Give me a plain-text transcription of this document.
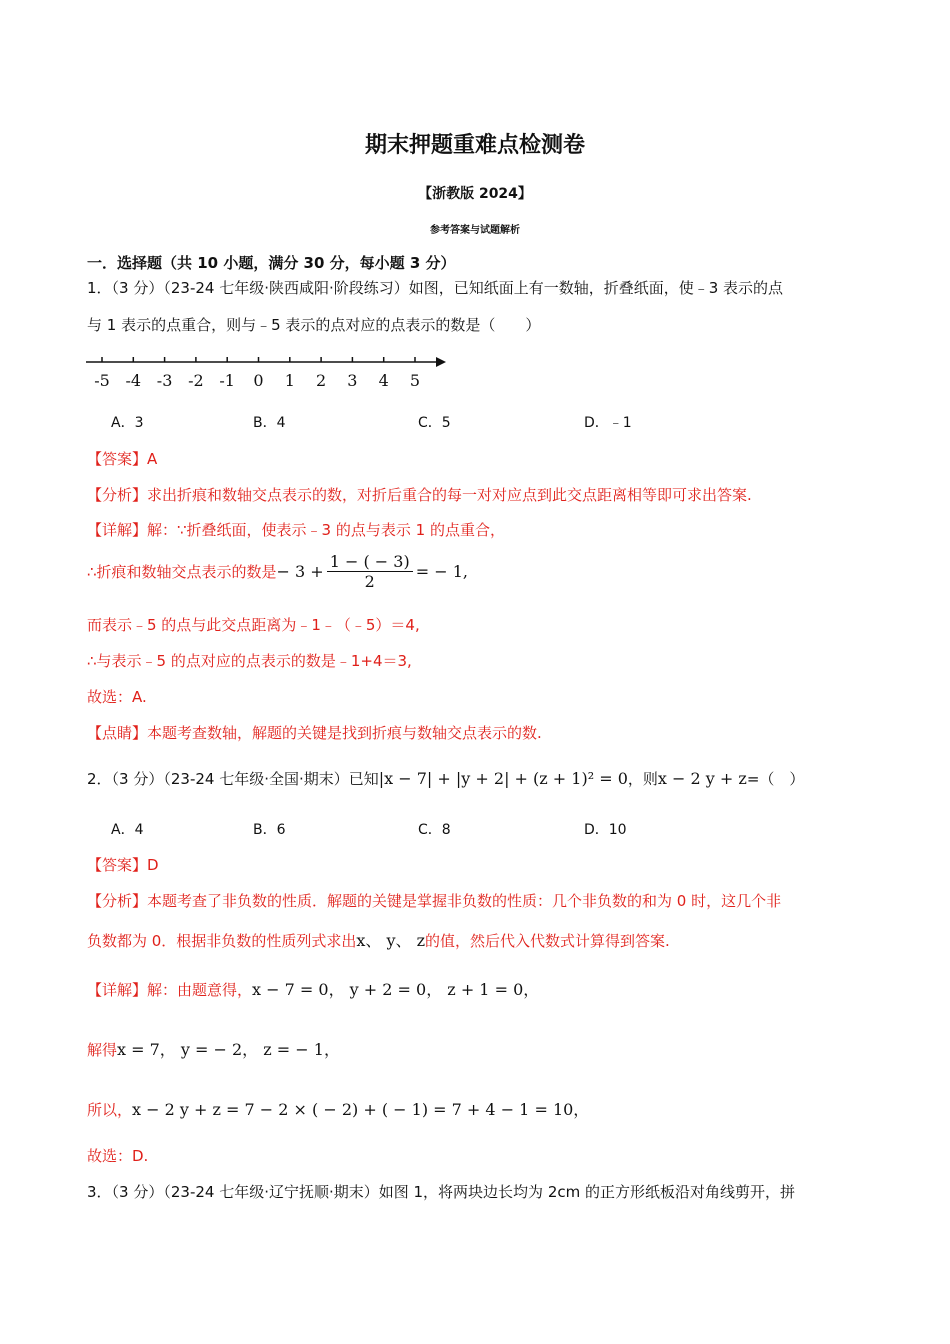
期末押题重难点检测卷
【浙教版 2024】
参考答案与试题解析
一．选择题（共 10 小题，满分 30 分，每小题 3 分）
1．（3 分）（23-24 七年级·陕西咸阳·阶段练习）如图，已知纸面上有一数轴，折叠纸面，使﹣3 表示的点
与 1 表示的点重合，则与﹣5 表示的点对应的点表示的数是（　　）
-5 -4 -3 -2 -1 0 1 2 3 4 5
A．3	B．4	C．5	D．﹣1
【答案】A
【分析】求出折痕和数轴交点表示的数，对折后重合的每一对对应点到此交点距离相等即可求出答案.
【详解】解：∵折叠纸面，使表示﹣3 的点与表示 1 的点重合，
∴折痕和数轴交点表示的数是− $3 + \frac{1 - ( - 3)}{2}$ = − 1,
而表示﹣5 的点与此交点距离为﹣1﹣（﹣5）＝4,
∴与表示﹣5 的点对应的点表示的数是﹣1+4＝3,
故选：A.
【点睛】本题考查数轴，解题的关键是找到折痕与数轴交点表示的数.
2．（3 分）（23-24 七年级·全国·期末）已知|x − 7| + |y + 2| + (z + 1)² = 0，则x − 2 y + z=（　）
A．4	B．6	C．8	D．10
【答案】D
【分析】本题考查了非负数的性质．解题的关键是掌握非负数的性质：几个非负数的和为 0 时，这几个非
负数都为 0．根据非负数的性质列式求出x、 y、 z的值，然后代入代数式计算得到答案.
【详解】解：由题意得，x − 7 = 0， y + 2 = 0， z + 1 = 0，
解得x = 7， y = − 2， z = − 1，
所以，x − 2 y + z = 7 − 2 × ( − 2) + ( − 1) = 7 + 4 − 1 = 10，
故选：D.
3．（3 分）（23-24 七年级·辽宁抚顺·期末）如图 1，将两块边长均为 2cm 的正方形纸板沿对角线剪开，拼
